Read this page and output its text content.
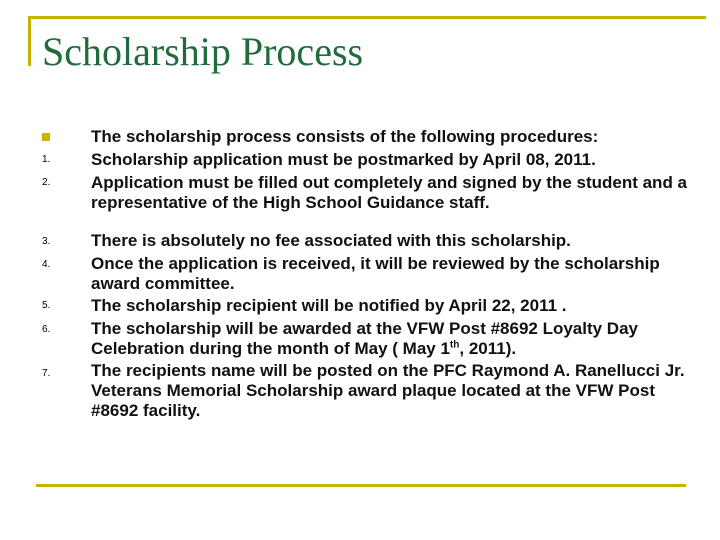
Scholarship Process
The scholarship process consists of the following procedures:
1. Scholarship application must be postmarked by April 08, 2011.
2. Application must be filled out completely and signed by the student and a representative of the High School Guidance staff.
3. There is absolutely no fee associated with this scholarship.
4. Once the application is received, it will be reviewed by the scholarship award committee.
5. The scholarship recipient will be notified by April 22, 2011 .
6. The scholarship will be awarded at the VFW Post #8692 Loyalty Day Celebration during the month of May ( May 1th, 2011).
7. The recipients name will be posted on the PFC Raymond A. Ranellucci Jr. Veterans Memorial Scholarship award plaque located at the VFW Post #8692 facility.
